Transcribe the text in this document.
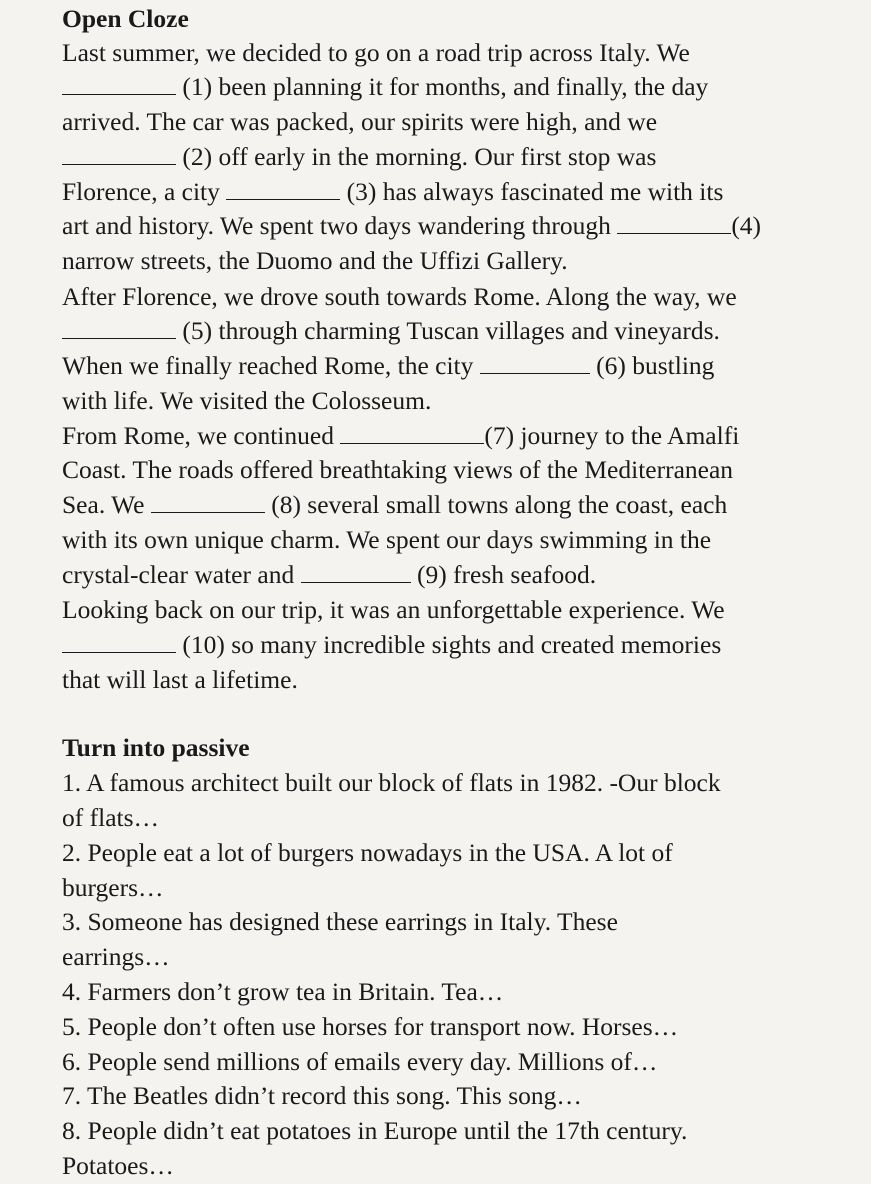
Open Cloze
Last summer, we decided to go on a road trip across Italy. We
(1) been planning it for months, and finally, the day
arrived. The car was packed, our spirits were high, and we
(2) off early in the morning. Our first stop was
Florence, a city	(3) has always fascinated me with its
art and history. We spent two days wandering through	(4)
narrow streets, the Duomo and the Uffizi Gallery.
After Florence, we drove south towards Rome. Along the way, we
(5) through charming Tuscan villages and vineyards.
When we finally reached Rome, the city	(6) bustling
with life. We visited the Colosseum.
From Rome, we continued	(7) journey to the Amalfi
Coast. The roads offered breathtaking views of the Mediterranean
Sea. We	(8) several small towns along the coast, each
with its own unique charm. We spent our days swimming in the
crystal-clear water and	(9) fresh seafood.
Looking back on our trip, it was an unforgettable experience. We
(10) so many incredible sights and created memories
that will last a lifetime.
Turn into passive
1. A famous architect built our block of flats in 1982. -Our block
of flats…
2. People eat a lot of burgers nowadays in the USA. A lot of
burgers…
3. Someone has designed these earrings in Italy. These
earrings…
4. Farmers don’t grow tea in Britain. Tea…
5. People don’t often use horses for transport now. Horses…
6. People send millions of emails every day. Millions of…
7. The Beatles didn’t record this song. This song…
8. People didn’t eat potatoes in Europe until the 17th century.
Potatoes…
